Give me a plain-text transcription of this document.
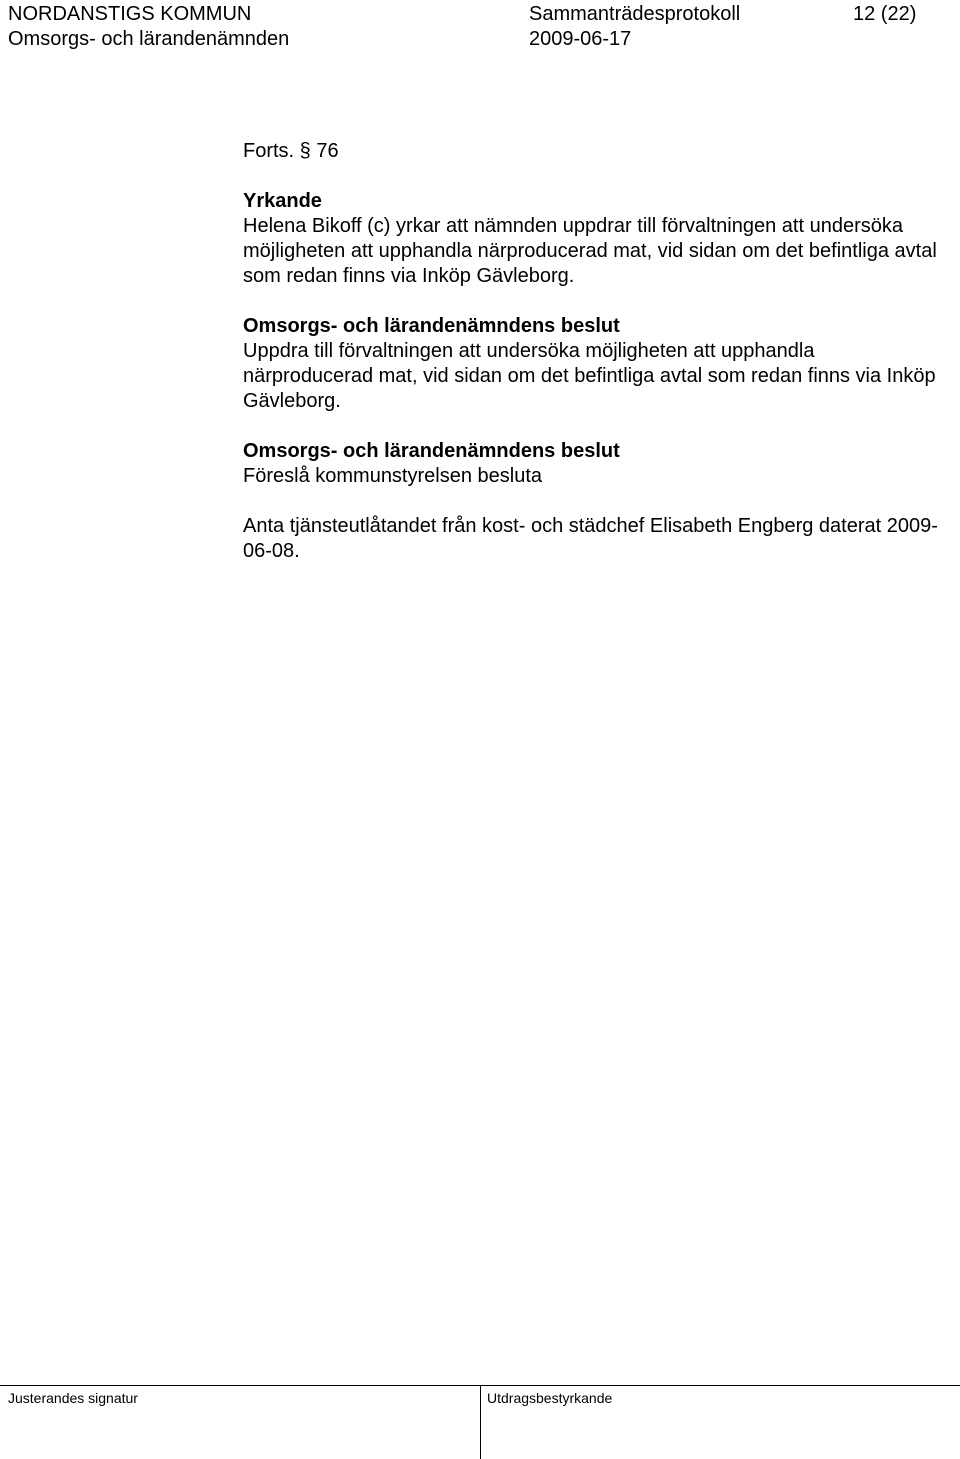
NORDANSTIGS KOMMUN	Sammanträdesprotokoll	12 (22)
Omsorgs- och lärandenämnden	2009-06-17

Forts. § 76

Yrkande

Helena Bikoff (c) yrkar att nämnden uppdrar till förvaltningen att undersöka möjligheten att upphandla närproducerad mat, vid sidan om det befintliga avtal som redan finns via Inköp Gävleborg.

Omsorgs- och lärandenämndens beslut

Uppdra till förvaltningen att undersöka möjligheten att upphandla närproducerad mat, vid sidan om det befintliga avtal som redan finns via Inköp Gävleborg.

Omsorgs- och lärandenämndens beslut

Föreslå kommunstyrelsen besluta

Anta tjänsteutlåtandet från kost- och städchef Elisabeth Engberg daterat 2009-06-08.

Justerandes signatur	Utdragsbestyrkande
